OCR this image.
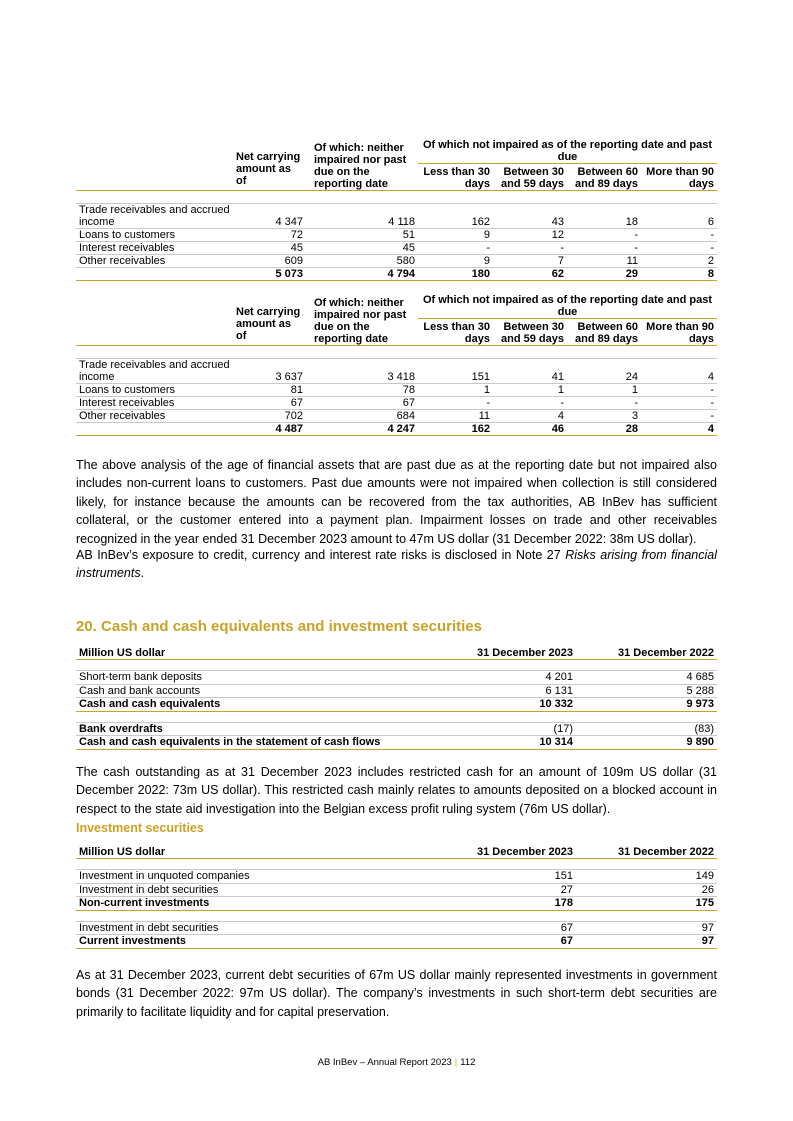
	Net carrying amount as of	Of which: neither impaired nor past due on the reporting date	Of which not impaired as of the reporting date and past due			
			Less than 30 days	Between 30 and 59 days	Between 60 and 89 days	More than 90 days

Trade receivables and accrued income	4 347	4 118	162	43	18	6
Loans to customers	72	51	9	12	-	-
Interest receivables	45	45	-	-	-	-
Other receivables	609	580	9	7	11	2
	5 073	4 794	180	62	29	8
	Net carrying amount as of	Of which: neither impaired nor past due on the reporting date	Of which not impaired as of the reporting date and past due			
			Less than 30 days	Between 30 and 59 days	Between 60 and 89 days	More than 90 days

Trade receivables and accrued income	3 637	3 418	151	41	24	4
Loans to customers	81	78	1	1	1	-
Interest receivables	67	67	-	-	-	-
Other receivables	702	684	11	4	3	-
	4 487	4 247	162	46	28	4

The above analysis of the age of financial assets that are past due as at the reporting date but not impaired also includes non-current loans to customers. Past due amounts were not impaired when collection is still considered likely, for instance because the amounts can be recovered from the tax authorities, AB InBev has sufficient collateral, or the customer entered into a payment plan. Impairment losses on trade and other receivables recognized in the year ended 31 December 2023 amount to 47m US dollar (31 December 2022: 38m US dollar).

AB InBev’s exposure to credit, currency and interest rate risks is disclosed in Note 27 Risks arising from financial instruments.

20. Cash and cash equivalents and investment securities
Million US dollar	31 December 2023	31 December 2022

Short-term bank deposits	4 201	4 685
Cash and bank accounts	6 131	5 288
Cash and cash equivalents	10 332	9 973

Bank overdrafts	(17)	(83)
Cash and cash equivalents in the statement of cash flows	10 314	9 890

The cash outstanding as at 31 December 2023 includes restricted cash for an amount of 109m US dollar (31 December 2022: 73m US dollar). This restricted cash mainly relates to amounts deposited on a blocked account in respect to the state aid investigation into the Belgian excess profit ruling system (76m US dollar).

Investment securities
Million US dollar	31 December 2023	31 December 2022

Investment in unquoted companies	151	149
Investment in debt securities	27	26
Non-current investments	178	175

Investment in debt securities	67	97
Current investments	67	97

As at 31 December 2023, current debt securities of 67m US dollar mainly represented investments in government bonds (31 December 2022: 97m US dollar). The company’s investments in such short-term debt securities are primarily to facilitate liquidity and for capital preservation.

AB InBev – Annual Report 2023 | 112
